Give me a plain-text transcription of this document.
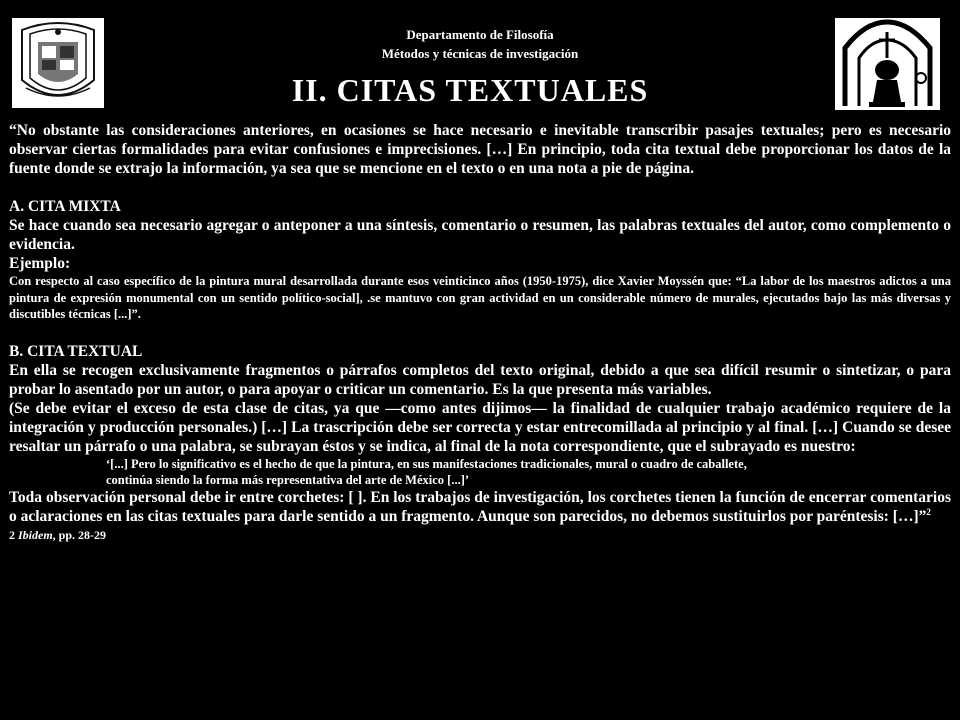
Departamento de Filosofía
Métodos y técnicas de investigación
II. CITAS TEXTUALES

“No obstante las consideraciones anteriores, en ocasiones se hace necesario e inevitable transcribir pasajes textuales; pero es necesario observar ciertas formalidades para evitar confusiones e imprecisiones. […] En principio, toda cita textual debe proporcionar los datos de la fuente donde se extrajo la información, ya sea que se mencione en el texto o en una nota a pie de página.

A. CITA MIXTA

Se hace cuando sea necesario agregar o anteponer a una síntesis, comentario o resumen, las palabras textuales del autor, como complemento o evidencia.

Ejemplo:

Con respecto al caso específico de la pintura mural desarrollada durante esos veinticinco años (1950-1975), dice Xavier Moyssén que: “La labor de los maestros adictos a una pintura de expresión monumental con un sentido político-social], .se mantuvo con gran actividad en un considerable número de murales, ejecutados bajo las más diversas y discutibles técnicas [...]”.

B. CITA TEXTUAL

En ella se recogen exclusivamente fragmentos o párrafos completos del texto original, debido a que sea difícil resumir o sintetizar, o para probar lo asentado por un autor, o para apoyar o criticar un comentario. Es la que presenta más variables.

(Se debe evitar el exceso de esta clase de citas, ya que —como antes dijimos— la finalidad de cualquier trabajo académico requiere de la integración y producción personales.) […] La trascripción debe ser correcta y estar entrecomillada al principio y al final. […] Cuando se desee resaltar un párrafo o una palabra, se subrayan éstos y se indica, al final de la nota correspondiente, que el subrayado es nuestro:

‘[...] Pero lo significativo es el hecho de que la pintura, en sus manifestaciones tradicionales, mural o cuadro de caballete,
continúa siendo la forma más representativa del arte de México [...]’

Toda observación personal debe ir entre corchetes: [ ]. En los trabajos de investigación, los corchetes tienen la función de encerrar comentarios o aclaraciones en las citas textuales para darle sentido a un fragmento. Aunque son parecidos, no debemos sustituirlos por paréntesis: […]”$^2$

2 Ibidem, pp. 28-29
